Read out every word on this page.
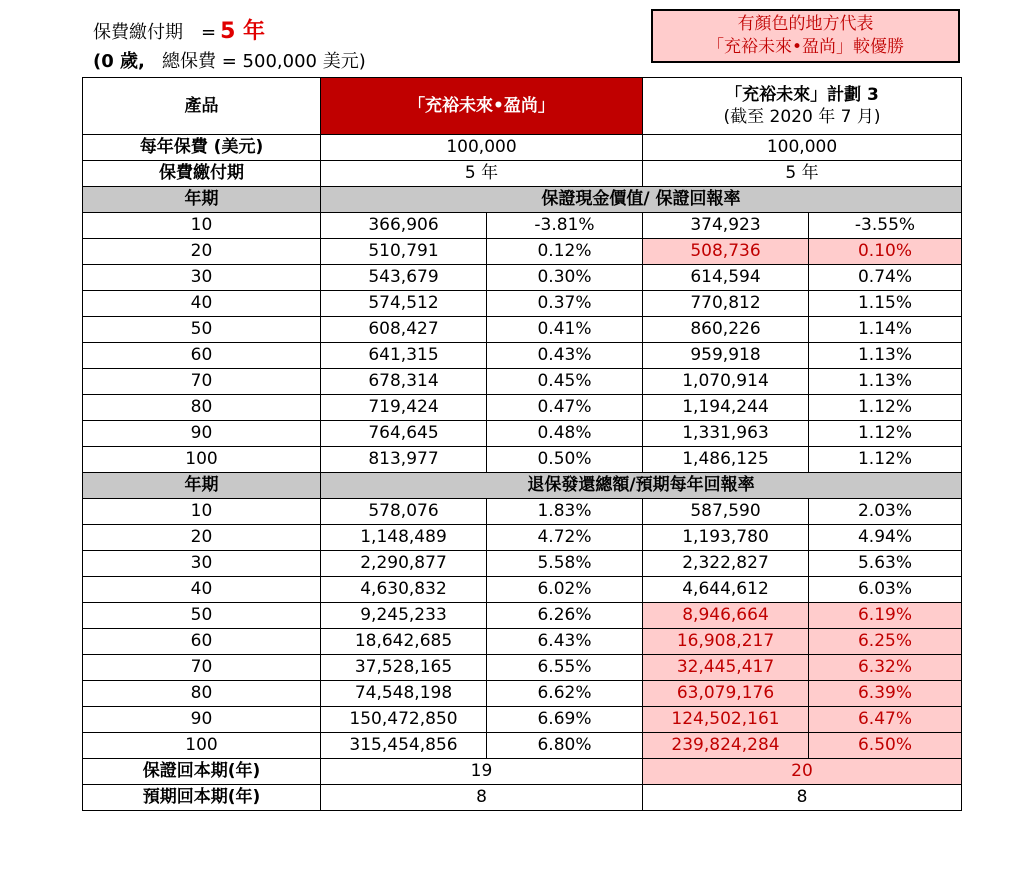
保費繳付期　= 5 年
(0 歲, 總保費 = 500,000 美元)
有顏色的地方代表
「充裕未來•盈尚」較優勝
產品	「充裕未來•盈尚」		「充裕未來」計劃 3
(截至 2020 年 7 月)	

每年保費 (美元)	100,000		100,000	
保費繳付期	5 年		5 年	
年期	保證現金價值/ 保證回報率			
10	366,906	-3.81%	374,923	-3.55%
20	510,791	0.12%	508,736	0.10%
30	543,679	0.30%	614,594	0.74%
40	574,512	0.37%	770,812	1.15%
50	608,427	0.41%	860,226	1.14%
60	641,315	0.43%	959,918	1.13%
70	678,314	0.45%	1,070,914	1.13%
80	719,424	0.47%	1,194,244	1.12%
90	764,645	0.48%	1,331,963	1.12%
100	813,977	0.50%	1,486,125	1.12%
年期	退保發還總額/預期每年回報率			
10	578,076	1.83%	587,590	2.03%
20	1,148,489	4.72%	1,193,780	4.94%
30	2,290,877	5.58%	2,322,827	5.63%
40	4,630,832	6.02%	4,644,612	6.03%
50	9,245,233	6.26%	8,946,664	6.19%
60	18,642,685	6.43%	16,908,217	6.25%
70	37,528,165	6.55%	32,445,417	6.32%
80	74,548,198	6.62%	63,079,176	6.39%
90	150,472,850	6.69%	124,502,161	6.47%
100	315,454,856	6.80%	239,824,284	6.50%
保證回本期(年)	19		20	
預期回本期(年)	8		8	
